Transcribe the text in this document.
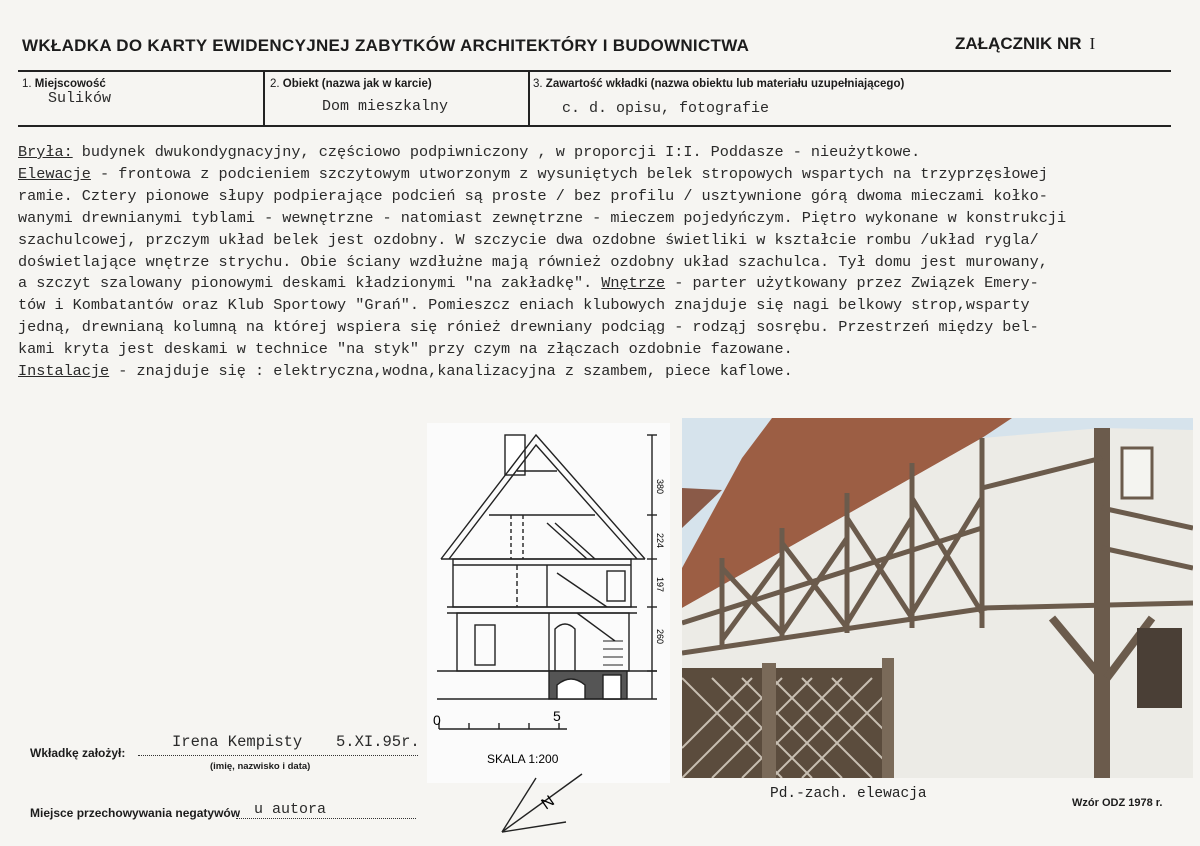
WKŁADKA DO KARTY EWIDENCYJNEJ ZABYTKÓW ARCHITEKTÓRY I BUDOWNICTWA	ZAŁĄCZNIK NR I
1. Miejscowość
Sulików
2. Obiekt (nazwa jak w karcie)
Dom mieszkalny
3. Zawartość wkładki (nazwa obiektu lub materiału uzupełniającego)
c. d. opisu, fotografie
Bryła: budynek dwukondygnacyjny, częściowo podpiwniczony , w proporcji I:I. Poddasze - nieużytkowe.
Elewacje - frontowa z podcieniem szczytowym utworzonym z wysuniętych belek stropowych wspartych na trzyprzęsłowej
ramie. Cztery pionowe słupy podpierające podcień są proste / bez profilu / usztywnione górą dwoma mieczami kołko-
wanymi drewnianymi tyblami - wewnętrzne - natomiast zewnętrzne - mieczem pojedyńczym. Piętro wykonane w konstrukcji
szachulcowej, przczym układ belek jest ozdobny. W szczycie dwa ozdobne świetliki w kształcie rombu /układ rygla/
doświetlające wnętrze strychu. Obie ściany wzdłużne mają również ozdobny układ szachulca. Tył domu jest murowany,
a szczyt szalowany pionowymi deskami kładzionymi "na zakładkę". Wnętrze - parter użytkowany przez Związek Emery-
tów i Kombatantów oraz Klub Sportowy "Grań". Pomieszcz eniach klubowych znajduje się nagi belkowy strop,wsparty
jedną, drewnianą kolumną na której wspiera się rónież drewniany podciąg - rodząj sosrębu. Przestrzeń między bel-
kami kryta jest deskami w technice "na styk" przy czym na złączach ozdobnie fazowane.
Instalacje - znajduje się : elektryczna,wodna,kanalizacyjna z szambem, piece kaflowe.
380
224
197
260
0	5
SKALA 1:200
N	Pd.-zach. elewacja
Wkładkę założył:
Irena Kempisty 5.XI.95r.
(imię, nazwisko i data)
Miejsce przechowywania negatywów u autora	Wzór ODZ 1978 r.
